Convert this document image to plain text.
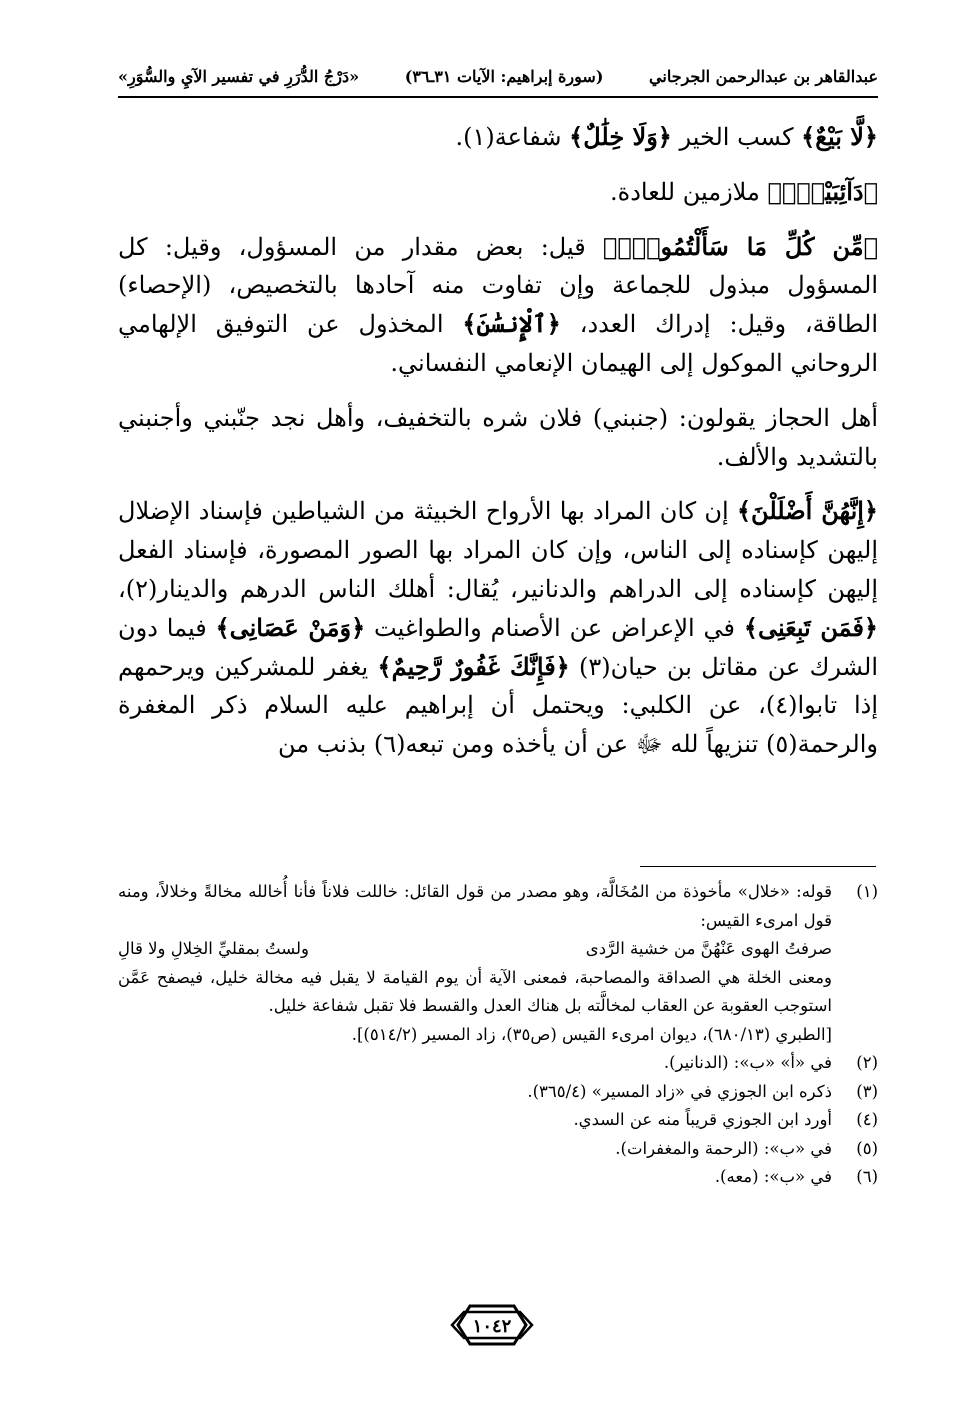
عبدالقاهر بن عبدالرحمن الجرجاني
(سورة إبراهيم: الآيات ٣١ـ٣٦)
«دَرْجُ الدُّرَرِ في تفسير الآيِ والسُّوَرِ»

﴿لَّا بَيْعٌ﴾ كسب الخير ﴿وَلَا خِلَٰلٌ﴾ شفاعة(١).

﴿دَآئِبَيْنِۖ﴾ ملازمين للعادة.

﴿مِّن كُلِّ مَا سَأَلْتُمُوهُۚ﴾ قيل: بعض مقدار من المسؤول، وقيل: كل المسؤول مبذول للجماعة وإن تفاوت منه آحادها بالتخصيص، (الإحصاء) الطاقة، وقيل: إدراك العدد، ﴿ٱلْإِنسَٰنَ﴾ المخذول عن التوفيق الإلهامي الروحاني الموكول إلى الهيمان الإنعامي النفساني.

أهل الحجاز يقولون: (جنبني) فلان شره بالتخفيف، وأهل نجد جنّبني وأجنبني بالتشديد والألف.

﴿إِنَّهُنَّ أَضْلَلْنَ﴾ إن كان المراد بها الأرواح الخبيثة من الشياطين فإسناد الإضلال إليهن كإسناده إلى الناس، وإن كان المراد بها الصور المصورة، فإسناد الفعل إليهن كإسناده إلى الدراهم والدنانير، يُقال: أهلك الناس الدرهم والدينار(٢)، ﴿فَمَن تَبِعَنِى﴾ في الإعراض عن الأصنام والطواغيت ﴿وَمَنْ عَصَانِى﴾ فيما دون الشرك عن مقاتل بن حيان(٣) ﴿فَإِنَّكَ غَفُورٌ رَّحِيمٌ﴾ يغفر للمشركين ويرحمهم إذا تابوا(٤)، عن الكلبي: ويحتمل أن إبراهيم عليه السلام ذكر المغفرة والرحمة(٥) تنزيهاً لله ﷻ عن أن يأخذه ومن تبعه(٦) بذنب من

(١)
قوله: «خلال» مأخوذة من المُخَالَّة، وهو مصدر من قول القائل: خاللت فلاناً فأنا أُخالله مخالةً وخلالاً، ومنه قول امرىء القيس:
صرفتُ الهوى عَنْهُنَّ من خشية الرَّدى
ولستُ بمقليِّ الخِلالِ ولا قالِ
ومعنى الخلة هي الصداقة والمصاحبة، فمعنى الآية أن يوم القيامة لا يقبل فيه مخالة خليل، فيصفح عَمَّن استوجب العقوبة عن العقاب لمخالَّته بل هناك العدل والقسط فلا تقبل شفاعة خليل.
[الطبري (٦٨٠/١٣)، ديوان امرىء القيس (ص٣٥)، زاد المسير (٥١٤/٢)].
(٢)
في «أ» «ب»: (الدنانير).
(٣)
ذكره ابن الجوزي في «زاد المسير» (٣٦٥/٤).
(٤)
أورد ابن الجوزي قريباً منه عن السدي.
(٥)
في «ب»: (الرحمة والمغفرات).
(٦)
في «ب»: (معه).
١٠٤٢
